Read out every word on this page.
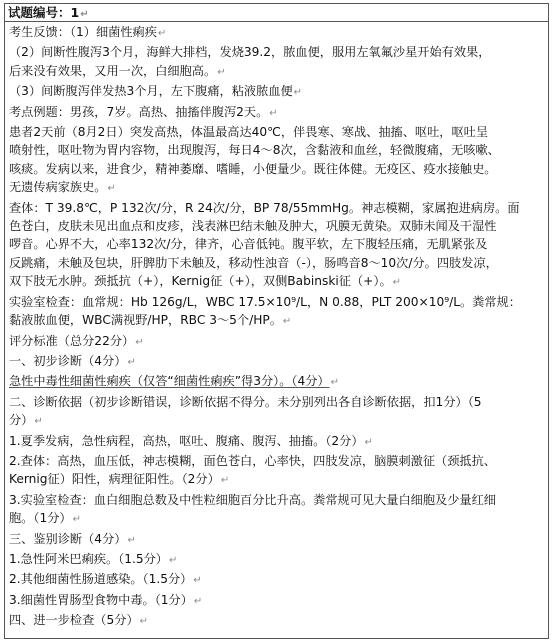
试题编号：1↵
考生反馈：（1）细菌性痢疾↵
（2）间断性腹泻3个月，海鲜大排档，发烧39.2，脓血便，服用左氧氟沙星开始有效果，
后来没有效果，又用一次，白细胞高。↵
（3）间断腹泻伴发热3个月，左下腹痛，粘液脓血便↵
考点例题：男孩，7岁。高热、抽搐伴腹泻2天。↵
患者2天前（8月2日）突发高热，体温最高达40℃，伴畏寒、寒战、抽搐、呕吐，呕吐呈
喷射性，呕吐物为胃内容物，出现腹泻，每日4～8次，含黏液和血丝，轻微腹痛，无咳嗽、
咳痰。发病以来，进食少，精神萎靡、嗜睡，小便量少。既往体健。无疫区、疫水接触史。
无遗传病家族史。↵
查体：T 39.8℃，P 132次/分，R 24次/分，BP 78/55mmHg。神志模糊，家属抱进病房。面
色苍白，皮肤未见出血点和皮疹，浅表淋巴结未触及肿大，巩膜无黄染。双肺未闻及干湿性
啰音。心界不大，心率132次/分，律齐，心音低钝。腹平软，左下腹轻压痛，无肌紧张及
反跳痛，未触及包块，肝脾肋下未触及，移动性浊音（-），肠鸣音8～10次/分。四肢发凉，
双下肢无水肿。颈抵抗（+），Kernig征（+），双侧Babinski征（+）。↵
实验室检查：血常规：Hb 126g/L，WBC 17.5×10⁹/L，N 0.88，PLT 200×10⁹/L。粪常规：
黏液脓血便，WBC满视野/HP，RBC 3～5个/HP。↵
评分标准（总分22分）↵
一、初步诊断（4分）↵
急性中毒性细菌性痢疾（仅答“细菌性痢疾”得3分）。（4分）↵
二、诊断依据（初步诊断错误，诊断依据不得分。未分别列出各自诊断依据，扣1分）（5
分）↵
1.夏季发病，急性病程，高热，呕吐、腹痛、腹泻、抽搐。（2分）↵
2.查体：高热，血压低，神志模糊，面色苍白，心率快，四肢发凉，脑膜刺激征（颈抵抗、
Kernig征）阳性，病理征阳性。（2分）↵
3.实验室检查：血白细胞总数及中性粒细胞百分比升高。粪常规可见大量白细胞及少量红细
胞。（1分）↵
三、鉴别诊断（4分）↵
1.急性阿米巴痢疾。（1.5分）↵
2.其他细菌性肠道感染。（1.5分）↵
3.细菌性胃肠型食物中毒。（1分）↵
四、进一步检查（5分）↵
